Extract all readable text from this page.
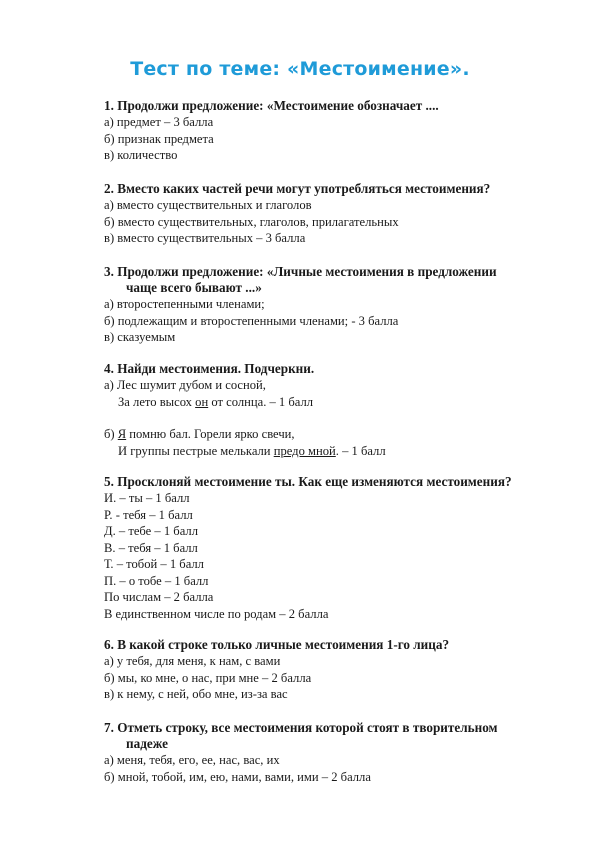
Тест по теме: «Местоимение».

1. Продолжи предложение: «Местоимение обозначает ....

а) предмет – 3 балла

б) признак предмета

в) количество

2. Вместо каких частей речи могут употребляться местоимения?

а) вместо существительных и глаголов

б) вместо существительных, глаголов, прилагательных

в) вместо существительных – 3 балла

3. Продолжи предложение: «Личные местоимения в предложении

чаще всего бывают ...»

а) второстепенными членами;

б) подлежащим и второстепенными членами; - 3 балла

в) сказуемым

4. Найди местоимения. Подчеркни.

а) Лес шумит дубом и сосной,

За лето высох он от солнца. – 1 балл

б) Я помню бал. Горели ярко свечи,

И группы пестрые мелькали предо мной. – 1 балл

5. Просклоняй местоимение ты. Как еще изменяются местоимения?

И. – ты – 1 балл

Р. - тебя – 1 балл

Д. – тебе – 1 балл

В. – тебя – 1 балл

Т. – тобой – 1 балл

П. – о тобе – 1 балл

По числам – 2 балла

В единственном числе по родам – 2 балла

6. В какой строке только личные местоимения 1-го лица?

а) у тебя, для меня, к нам, с вами

б) мы, ко мне, о нас, при мне – 2 балла

в) к нему, с ней, обо мне, из-за вас

7. Отметь строку, все местоимения которой стоят в творительном

падеже

а) меня, тебя, его, ее, нас, вас, их

б) мной, тобой, им, ею, нами, вами, ими – 2 балла
